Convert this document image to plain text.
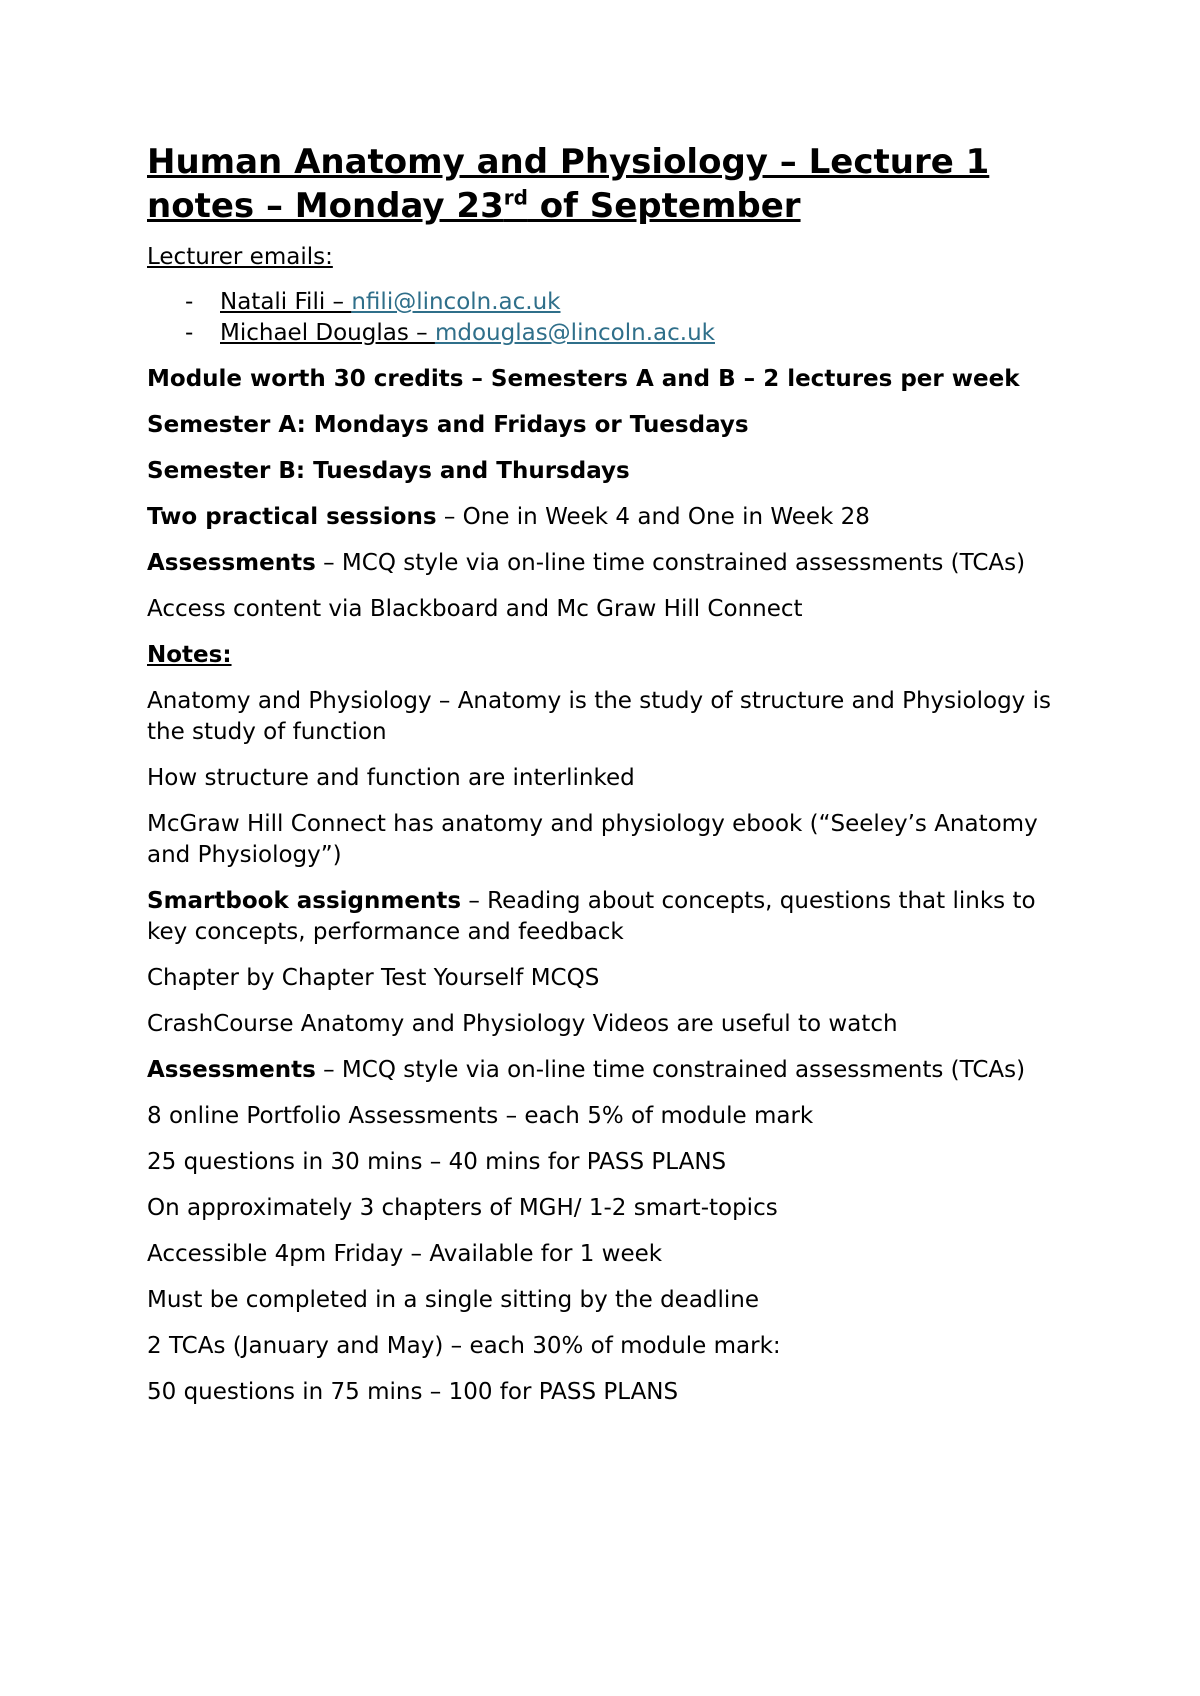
Human Anatomy and Physiology – Lecture 1 notes – Monday 23rd of September

Lecturer emails:

- Natali Fili – nfili@lincoln.ac.uk
- Michael Douglas – mdouglas@lincoln.ac.uk

Module worth 30 credits – Semesters A and B – 2 lectures per week

Semester A: Mondays and Fridays or Tuesdays

Semester B: Tuesdays and Thursdays

Two practical sessions – One in Week 4 and One in Week 28

Assessments – MCQ style via on-line time constrained assessments (TCAs)

Access content via Blackboard and Mc Graw Hill Connect

Notes:

Anatomy and Physiology – Anatomy is the study of structure and Physiology is the study of function

How structure and function are interlinked

McGraw Hill Connect has anatomy and physiology ebook (“Seeley’s Anatomy and Physiology”)

Smartbook assignments – Reading about concepts, questions that links to key concepts, performance and feedback

Chapter by Chapter Test Yourself MCQS

CrashCourse Anatomy and Physiology Videos are useful to watch

Assessments – MCQ style via on-line time constrained assessments (TCAs)

8 online Portfolio Assessments – each 5% of module mark

25 questions in 30 mins – 40 mins for PASS PLANS

On approximately 3 chapters of MGH/ 1-2 smart-topics

Accessible 4pm Friday – Available for 1 week

Must be completed in a single sitting by the deadline

2 TCAs (January and May) – each 30% of module mark:

50 questions in 75 mins – 100 for PASS PLANS
